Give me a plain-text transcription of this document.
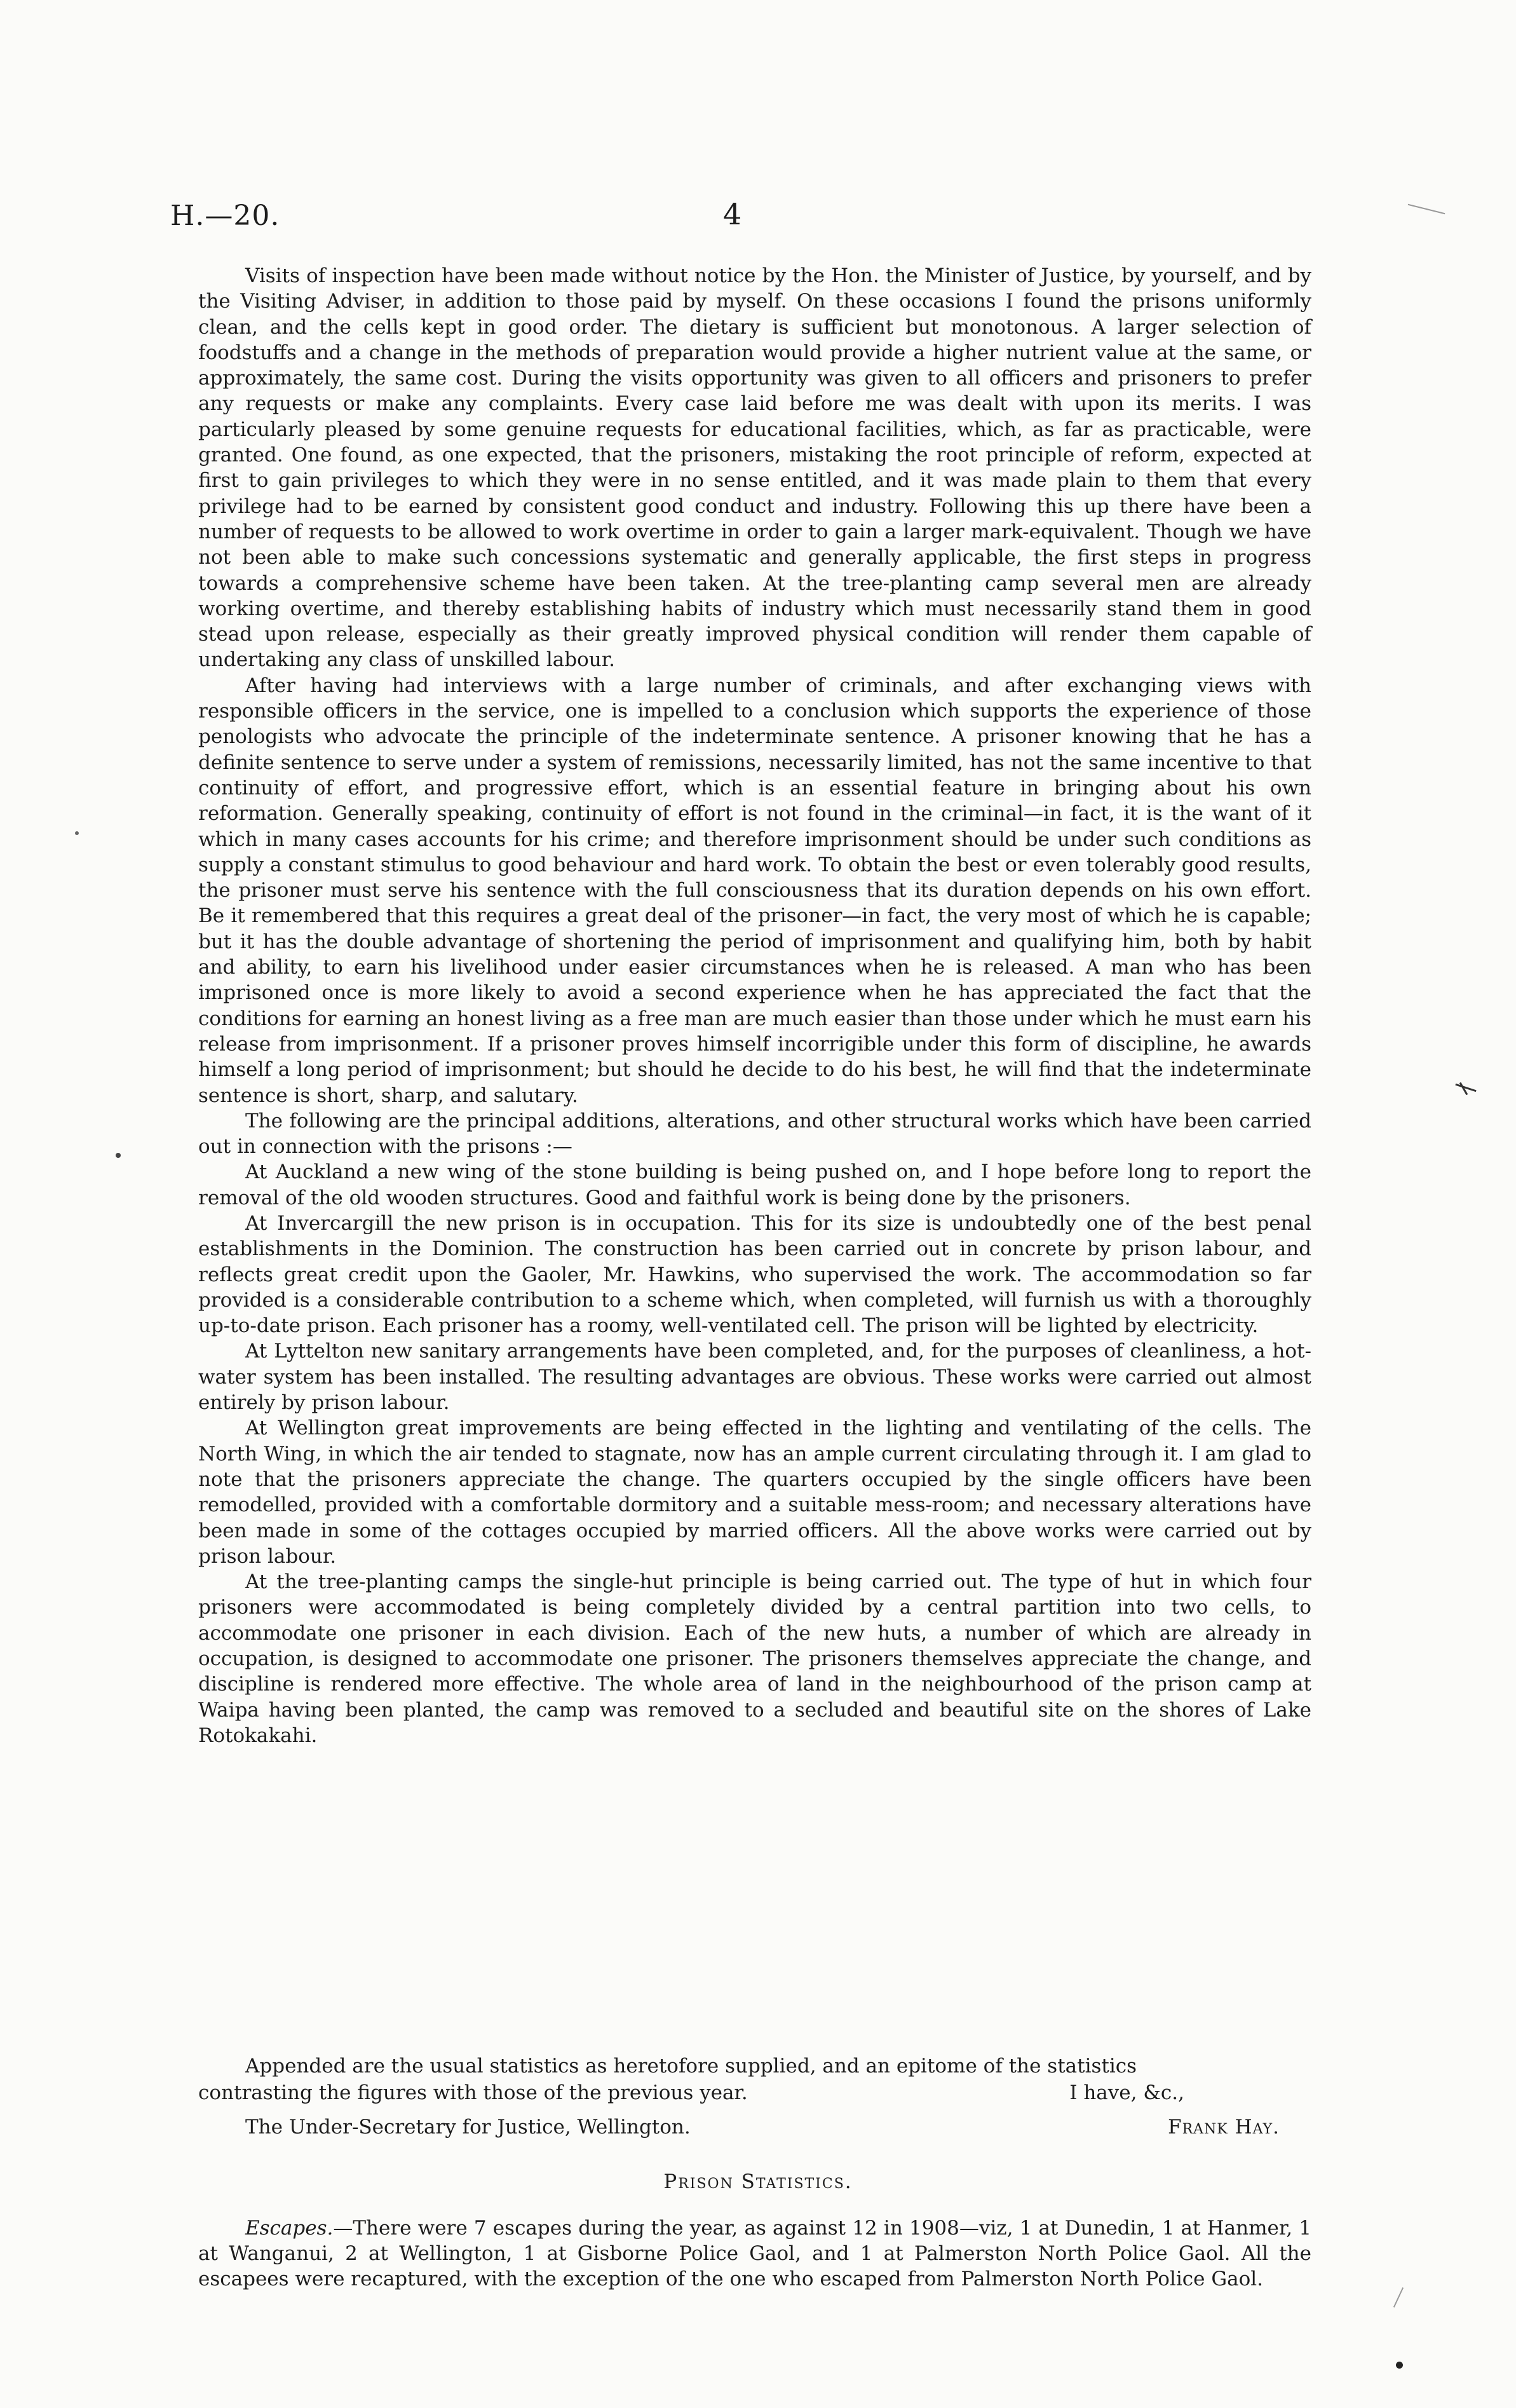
H.—20.	4

Visits of inspection have been made without notice by the Hon. the Minister of Justice, by yourself, and by the Visiting Adviser, in addition to those paid by myself. On these occasions I found the prisons uniformly clean, and the cells kept in good order. The dietary is sufficient but monotonous. A larger selection of foodstuffs and a change in the methods of preparation would provide a higher nutrient value at the same, or approximately, the same cost. During the visits opportunity was given to all officers and prisoners to prefer any requests or make any complaints. Every case laid before me was dealt with upon its merits. I was particularly pleased by some genuine requests for educational facilities, which, as far as practicable, were granted. One found, as one expected, that the prisoners, mistaking the root principle of reform, expected at first to gain privileges to which they were in no sense entitled, and it was made plain to them that every privilege had to be earned by consistent good conduct and industry. Following this up there have been a number of requests to be allowed to work overtime in order to gain a larger mark-equivalent. Though we have not been able to make such concessions systematic and generally applicable, the first steps in progress towards a comprehensive scheme have been taken. At the tree-planting camp several men are already working overtime, and thereby establishing habits of industry which must necessarily stand them in good stead upon release, especially as their greatly improved physical condition will render them capable of undertaking any class of unskilled labour.

After having had interviews with a large number of criminals, and after exchanging views with responsible officers in the service, one is impelled to a conclusion which supports the experience of those penologists who advocate the principle of the indeterminate sentence. A prisoner knowing that he has a definite sentence to serve under a system of remissions, necessarily limited, has not the same incentive to that continuity of effort, and progressive effort, which is an essential feature in bringing about his own reformation. Generally speaking, continuity of effort is not found in the criminal—in fact, it is the want of it which in many cases accounts for his crime; and therefore imprisonment should be under such conditions as supply a constant stimulus to good behaviour and hard work. To obtain the best or even tolerably good results, the prisoner must serve his sentence with the full consciousness that its duration depends on his own effort. Be it remembered that this requires a great deal of the prisoner—in fact, the very most of which he is capable; but it has the double advantage of shortening the period of imprisonment and qualifying him, both by habit and ability, to earn his livelihood under easier circumstances when he is released. A man who has been imprisoned once is more likely to avoid a second experience when he has appreciated the fact that the conditions for earning an honest living as a free man are much easier than those under which he must earn his release from imprisonment. If a prisoner proves himself incorrigible under this form of discipline, he awards himself a long period of imprisonment; but should he decide to do his best, he will find that the indeterminate sentence is short, sharp, and salutary.

The following are the principal additions, alterations, and other structural works which have been carried out in connection with the prisons :—

At Auckland a new wing of the stone building is being pushed on, and I hope before long to report the removal of the old wooden structures. Good and faithful work is being done by the prisoners.

At Invercargill the new prison is in occupation. This for its size is undoubtedly one of the best penal establishments in the Dominion. The construction has been carried out in concrete by prison labour, and reflects great credit upon the Gaoler, Mr. Hawkins, who supervised the work. The accommodation so far provided is a considerable contribution to a scheme which, when completed, will furnish us with a thoroughly up-to-date prison. Each prisoner has a roomy, well-ventilated cell. The prison will be lighted by electricity.

At Lyttelton new sanitary arrangements have been completed, and, for the purposes of cleanliness, a hot-water system has been installed. The resulting advantages are obvious. These works were carried out almost entirely by prison labour.

At Wellington great improvements are being effected in the lighting and ventilating of the cells. The North Wing, in which the air tended to stagnate, now has an ample current circulating through it. I am glad to note that the prisoners appreciate the change. The quarters occupied by the single officers have been remodelled, provided with a comfortable dormitory and a suitable mess-room; and necessary alterations have been made in some of the cottages occupied by married officers. All the above works were carried out by prison labour.

At the tree-planting camps the single-hut principle is being carried out. The type of hut in which four prisoners were accommodated is being completely divided by a central partition into two cells, to accommodate one prisoner in each division. Each of the new huts, a number of which are already in occupation, is designed to accommodate one prisoner. The prisoners themselves appreciate the change, and discipline is rendered more effective. The whole area of land in the neighbourhood of the prison camp at Waipa having been planted, the camp was removed to a secluded and beautiful site on the shores of Lake Rotokakahi.

Appended are the usual statistics as heretofore supplied, and an epitome of the statistics

contrasting the figures with those of the previous year.	I have, &c.,
The Under-Secretary for Justice, Wellington.	Frank Hay.
Prison Statistics.

Escapes.—There were 7 escapes during the year, as against 12 in 1908—viz, 1 at Dunedin, 1 at Hanmer, 1 at Wanganui, 2 at Wellington, 1 at Gisborne Police Gaol, and 1 at Palmerston North Police Gaol. All the escapees were recaptured, with the exception of the one who escaped from Palmerston North Police Gaol.
